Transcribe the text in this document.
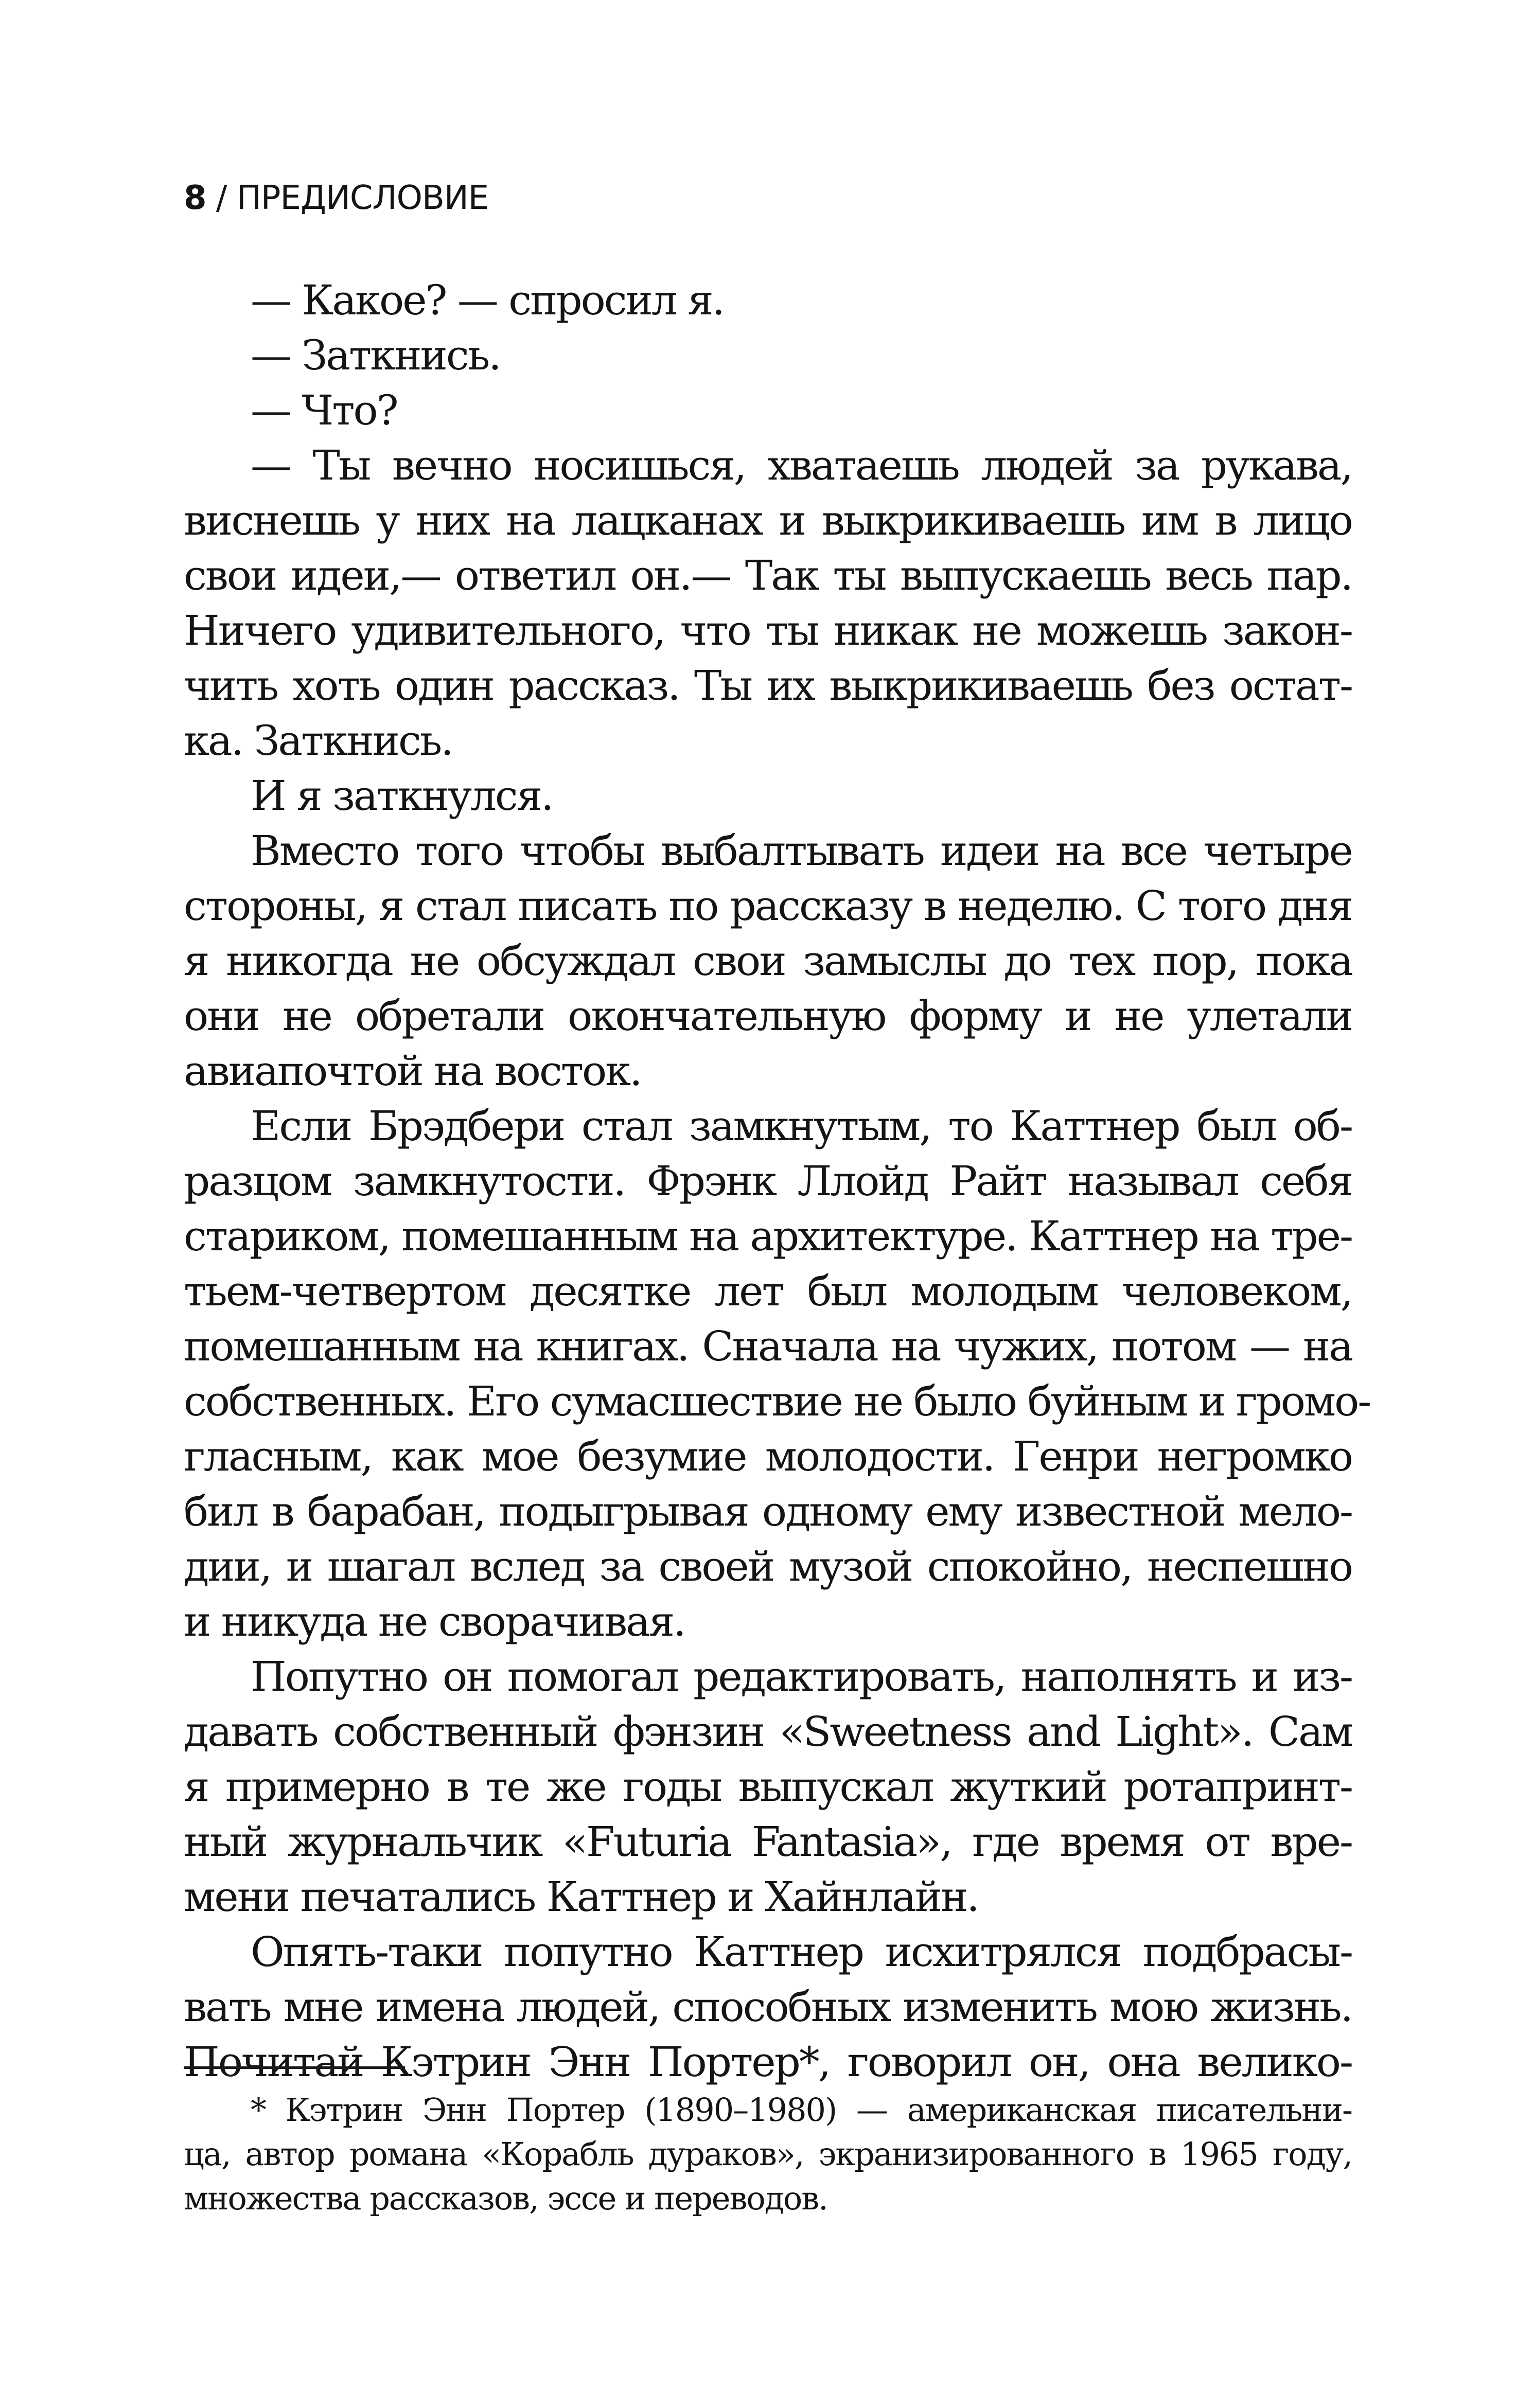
8 / ПРЕДИСЛОВИЕ
— Какое? — спросил я.
— Заткнись.
— Что?
— Ты вечно носишься, хватаешь людей за рукава,
виснешь у них на лацканах и выкрикиваешь им в лицо
свои идеи,— ответил он.— Так ты выпускаешь весь пар.
Ничего удивительного, что ты никак не можешь закон-
чить хоть один рассказ. Ты их выкрикиваешь без остат-
ка. Заткнись.
И я заткнулся.
Вместо того чтобы выбалтывать идеи на все четыре
стороны, я стал писать по рассказу в неделю. С того дня
я никогда не обсуждал свои замыслы до тех пор, пока
они не обретали окончательную форму и не улетали
авиапочтой на восток.
Если Брэдбери стал замкнутым, то Каттнер был об-
разцом замкнутости. Фрэнк Ллойд Райт называл себя
стариком, помешанным на архитектуре. Каттнер на тре-
тьем-четвертом десятке лет был молодым человеком,
помешанным на книгах. Сначала на чужих, потом — на
собственных. Его сумасшествие не было буйным и громо-
гласным, как мое безумие молодости. Генри негромко
бил в барабан, подыгрывая одному ему известной мело-
дии, и шагал вслед за своей музой спокойно, неспешно
и никуда не сворачивая.
Попутно он помогал редактировать, наполнять и из-
давать собственный фэнзин «Sweetness and Light». Сам
я примерно в те же годы выпускал жуткий ротапринт-
ный журнальчик «Futuria Fantasia», где время от вре-
мени печатались Каттнер и Хайнлайн.
Опять-таки попутно Каттнер исхитрялся подбрасы-
вать мне имена людей, способных изменить мою жизнь.
Почитай Кэтрин Энн Портер*, говорил он, она велико-
* Кэтрин Энн Портер (1890–1980) — американская писательни-
ца, автор романа «Корабль дураков», экранизированного в 1965 году,
множества рассказов, эссе и переводов.
